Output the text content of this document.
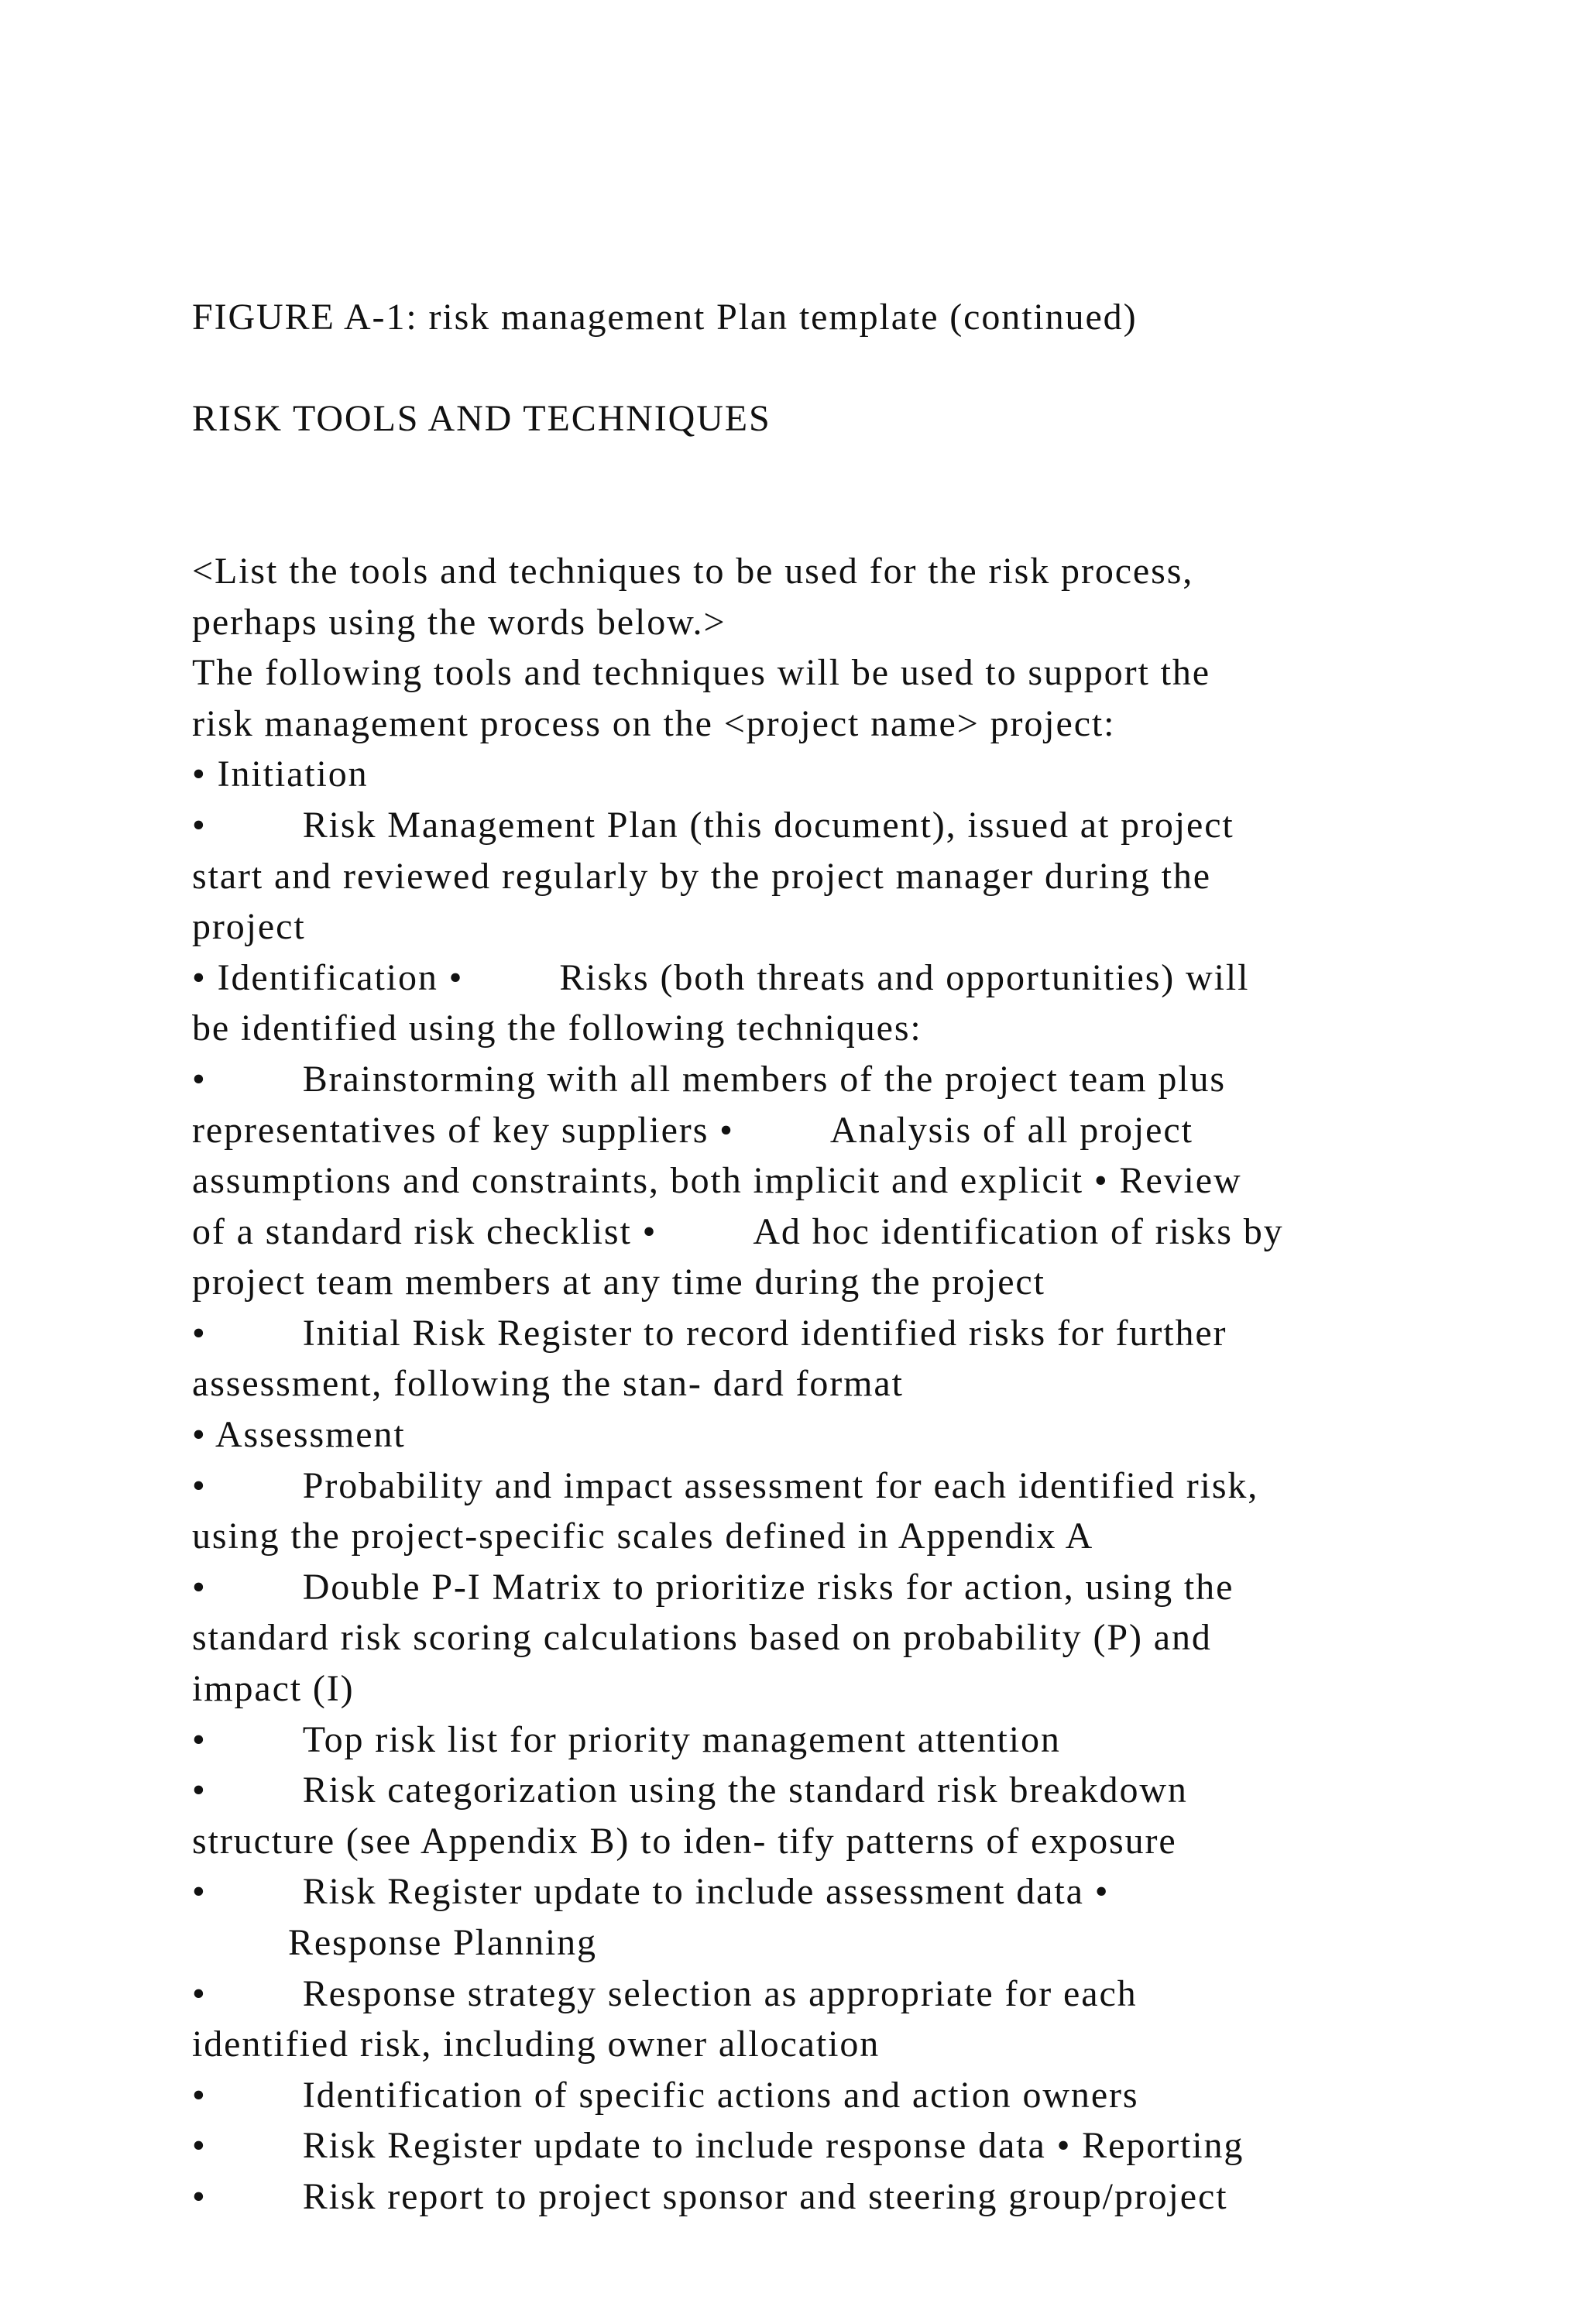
FIGURE A-1: risk management Plan template (continued)

RISK TOOLS AND TECHNIQUES

<List the tools and techniques to be used for the risk process,
perhaps using the words below.>
The following tools and techniques will be used to support the
risk management process on the <project name> project:
• Initiation
•	Risk Management Plan (this document), issued at project
start and reviewed regularly by the project manager during the
project
• Identification •	Risks (both threats and opportunities) will
be identified using the following techniques:
•	Brainstorming with all members of the project team plus
representatives of key suppliers •	Analysis of all project
assumptions and constraints, both implicit and explicit • Review
of a standard risk checklist •	Ad hoc identification of risks by
project team members at any time during the project
•	Initial Risk Register to record identified risks for further
assessment, following the stan- dard format
• Assessment
•	Probability and impact assessment for each identified risk,
using the project-specific scales defined in Appendix A
•	Double P-I Matrix to prioritize risks for action, using the
standard risk scoring calculations based on probability (P) and
impact (I)
•	Top risk list for priority management attention
•	Risk categorization using the standard risk breakdown
structure (see Appendix B) to iden- tify patterns of exposure
•	Risk Register update to include assessment data •
Response Planning
•	Response strategy selection as appropriate for each
identified risk, including owner allocation
•	Identification of specific actions and action owners
•	Risk Register update to include response data • Reporting
•	Risk report to project sponsor and steering group/project
